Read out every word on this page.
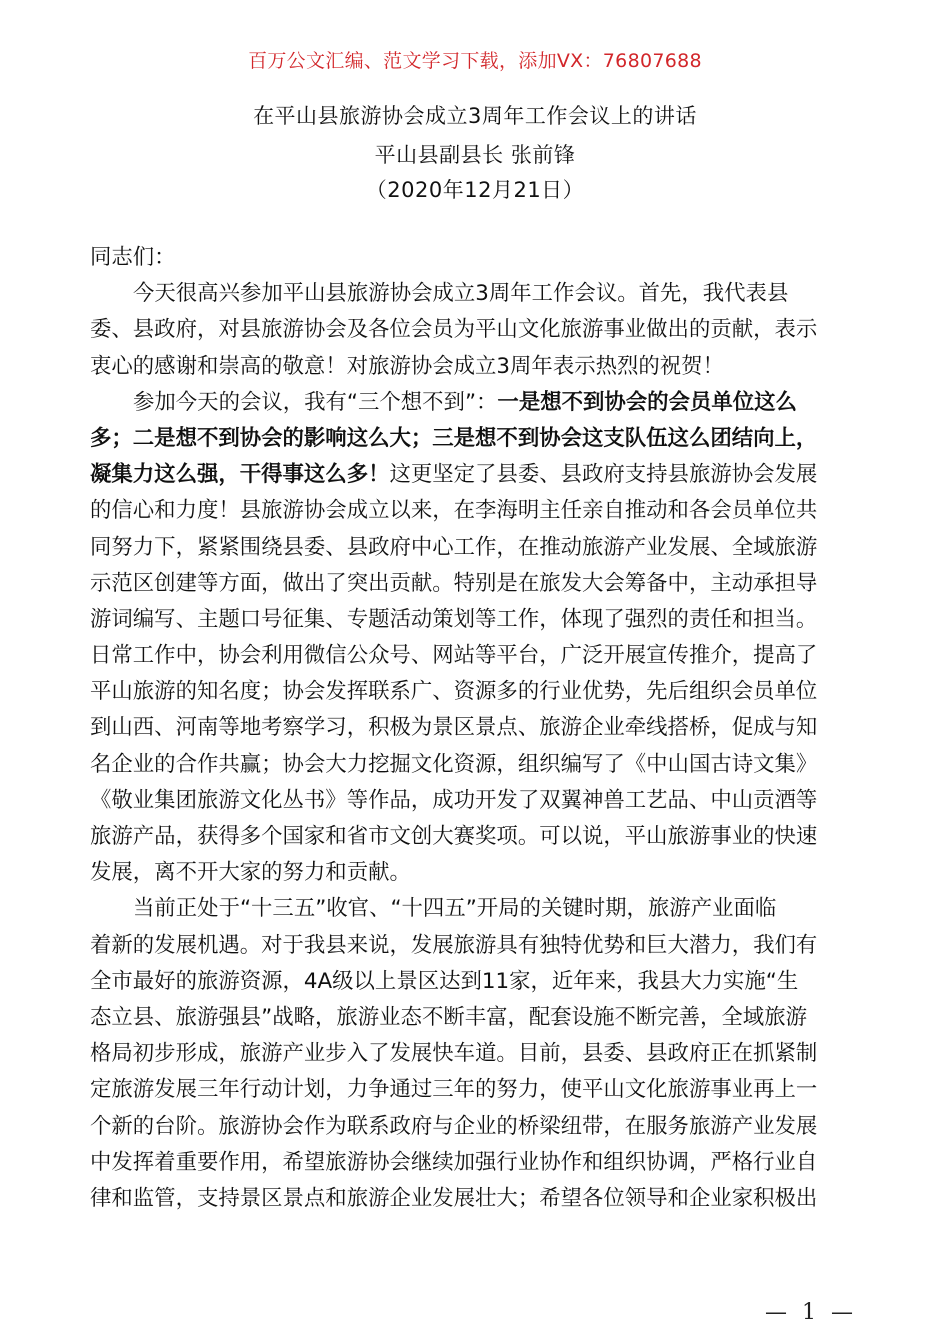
百万公文汇编、范文学习下载，添加VX：76807688
在平山县旅游协会成立3周年工作会议上的讲话
平山县副县长 张前锋
（2020年12月21日）
同志们：
今天很高兴参加平山县旅游协会成立3周年工作会议。首先，我代表县
委、县政府，对县旅游协会及各位会员为平山文化旅游事业做出的贡献，表示
衷心的感谢和崇高的敬意！对旅游协会成立3周年表示热烈的祝贺！
参加今天的会议，我有“三个想不到”： 一是想不到协会的会员单位这么
多；二是想不到协会的影响这么大；三是想不到协会这支队伍这么团结向上，
凝集力这么强，干得事这么多！ 这更坚定了县委、县政府支持县旅游协会发展
的信心和力度！县旅游协会成立以来，在李海明主任亲自推动和各会员单位共
同努力下，紧紧围绕县委、县政府中心工作，在推动旅游产业发展、全域旅游
示范区创建等方面，做出了突出贡献。特别是在旅发大会筹备中，主动承担导
游词编写、主题口号征集、专题活动策划等工作，体现了强烈的责任和担当。
日常工作中，协会利用微信公众号、网站等平台，广泛开展宣传推介，提高了
平山旅游的知名度；协会发挥联系广、资源多的行业优势，先后组织会员单位
到山西、河南等地考察学习，积极为景区景点、旅游企业牵线搭桥，促成与知
名企业的合作共赢；协会大力挖掘文化资源，组织编写了《中山国古诗文集》
《敬业集团旅游文化丛书》等作品，成功开发了双翼神兽工艺品、中山贡酒等
旅游产品，获得多个国家和省市文创大赛奖项。可以说，平山旅游事业的快速
发展，离不开大家的努力和贡献。
当前正处于“十三五”收官、“十四五”开局的关键时期，旅游产业面临
着新的发展机遇。对于我县来说，发展旅游具有独特优势和巨大潜力，我们有
全市最好的旅游资源，4A级以上景区达到11家，近年来，我县大力实施“生
态立县、旅游强县”战略，旅游业态不断丰富，配套设施不断完善，全域旅游
格局初步形成，旅游产业步入了发展快车道。目前，县委、县政府正在抓紧制
定旅游发展三年行动计划，力争通过三年的努力，使平山文化旅游事业再上一
个新的台阶。旅游协会作为联系政府与企业的桥梁纽带，在服务旅游产业发展
中发挥着重要作用，希望旅游协会继续加强行业协作和组织协调，严格行业自
律和监管，支持景区景点和旅游企业发展壮大；希望各位领导和企业家积极出
— 1 —
